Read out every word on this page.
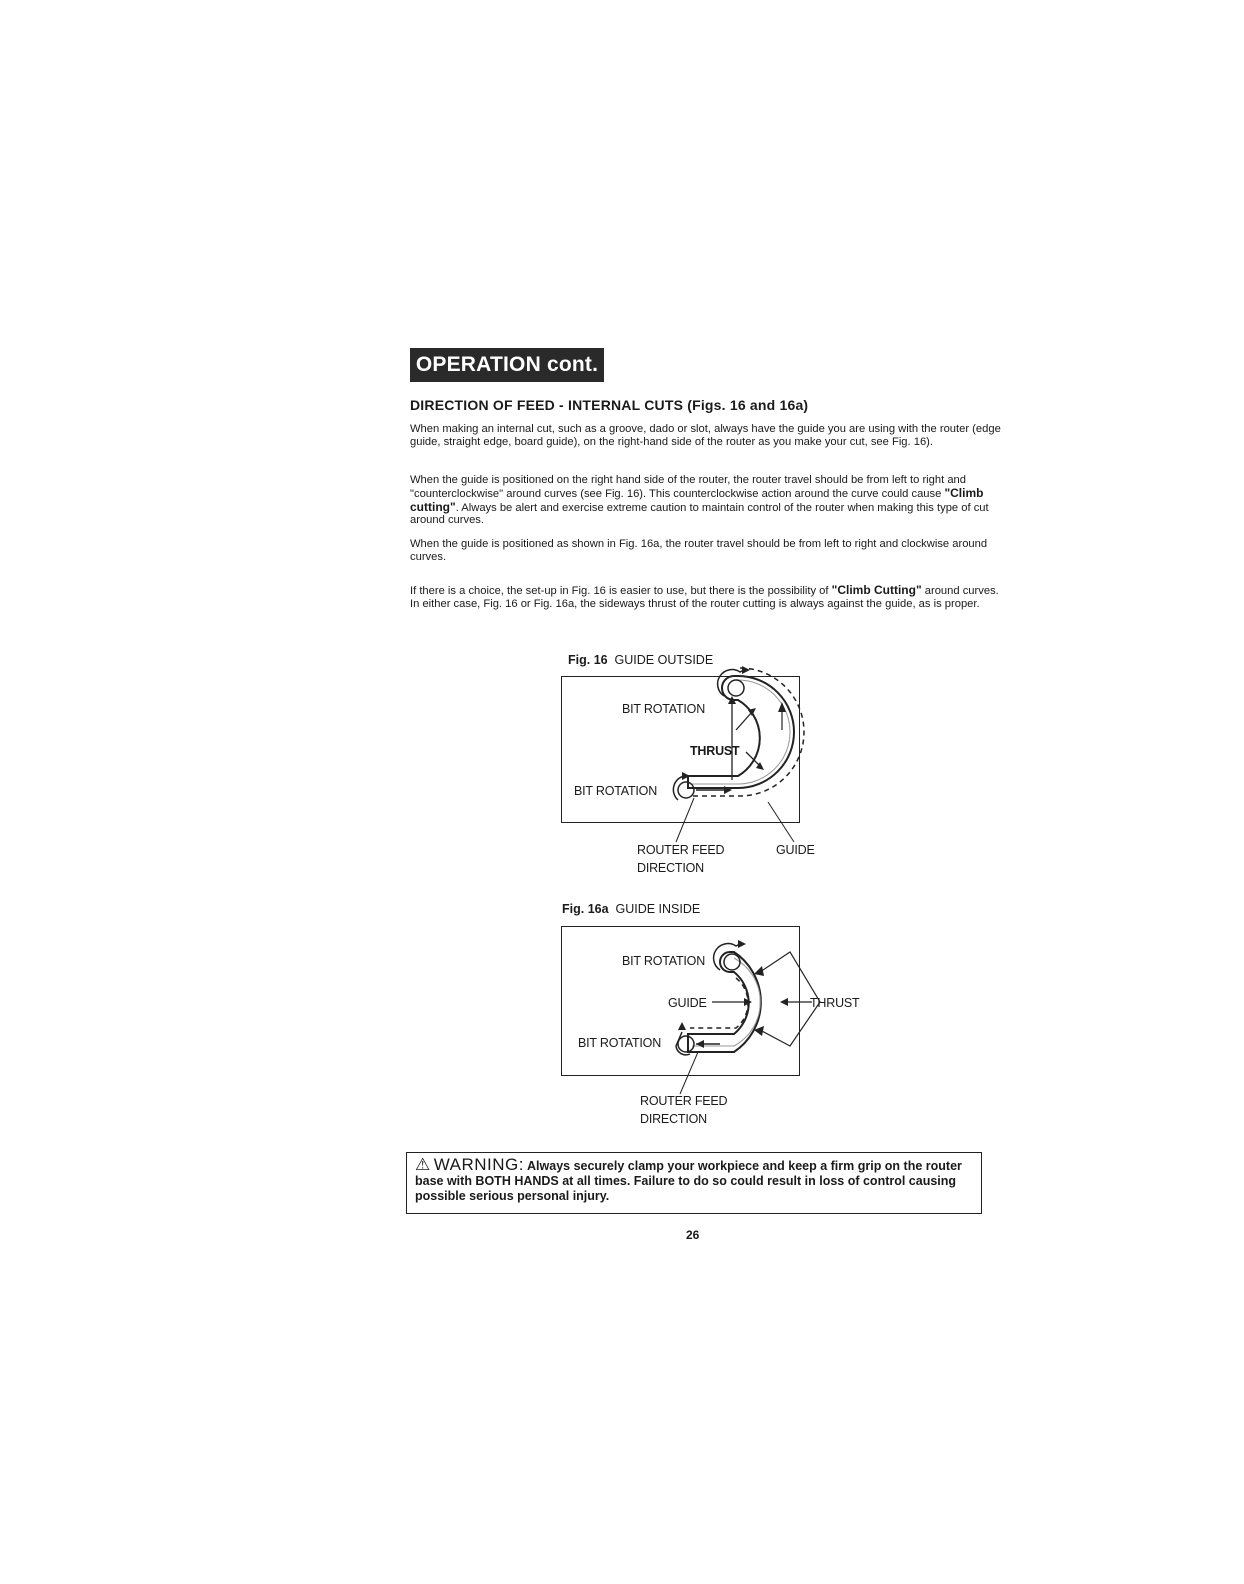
OPERATION cont.
DIRECTION OF FEED - INTERNAL CUTS (Figs. 16 and 16a)
When making an internal cut, such as a groove, dado or slot, always have the guide you are using with the router (edge guide, straight edge, board guide), on the right-hand side of the router as you make your cut, see Fig. 16).
When the guide is positioned on the right hand side of the router, the router travel should be from left to right and "counterclockwise" around curves (see Fig. 16). This counterclockwise action around the curve could cause "Climb cutting". Always be alert and exercise extreme caution to maintain control of the router when making this type of cut around curves.
When the guide is positioned as shown in Fig. 16a, the router travel should be from left to right and clockwise around curves.
If there is a choice, the set-up in Fig. 16 is easier to use, but there is the possibility of "Climb Cutting" around curves. In either case, Fig. 16 or Fig. 16a, the sideways thrust of the router cutting is always against the guide, as is proper.
Fig. 16 GUIDE OUTSIDE
BIT ROTATION
THRUST
BIT ROTATION
ROUTER FEED
DIRECTION
GUIDE
Fig. 16a GUIDE INSIDE
BIT ROTATION
GUIDE	THRUST
BIT ROTATION
ROUTER FEED
DIRECTION
⚠ WARNING: Always securely clamp your workpiece and keep a firm grip on the router base with BOTH HANDS at all times. Failure to do so could result in loss of control causing possible serious personal injury.
26
